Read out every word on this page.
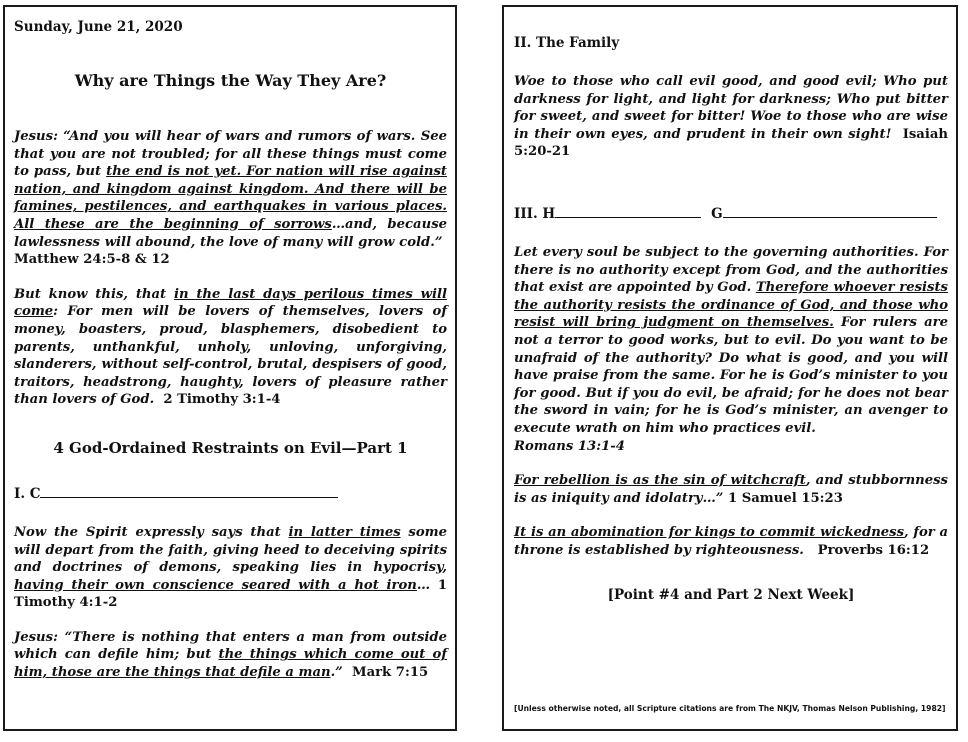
Sunday, June 21, 2020
Why are Things the Way They Are?
Jesus: “And you will hear of wars and rumors of wars. See that you are not troubled; for all these things must come to pass, but the end is not yet. For nation will rise against nation, and kingdom against kingdom. And there will be famines, pestilences, and earthquakes in various places. All these are the beginning of sorrows…and, because lawlessness will abound, the love of many will grow cold.”  Matthew 24:5-8 & 12
But know this, that in the last days perilous times will come: For men will be lovers of themselves, lovers of money, boasters, proud, blasphemers, disobedient to parents, unthankful, unholy, unloving, unforgiving, slanderers, without self-control, brutal, despisers of good, traitors, headstrong, haughty, lovers of pleasure rather than lovers of God. 2 Timothy 3:1-4
4 God-Ordained Restraints on Evil—Part 1
I. C
Now the Spirit expressly says that in latter times some will depart from the faith, giving heed to deceiving spirits and doctrines of demons, speaking lies in hypocrisy, having their own conscience seared with a hot iron… 1 Timothy 4:1-2
Jesus: “There is nothing that enters a man from outside which can defile him; but the things which come out of him, those are the things that defile a man.” Mark 7:15
II. The Family
Woe to those who call evil good, and good evil; Who put darkness for light, and light for darkness; Who put bitter for sweet, and sweet for bitter! Woe to those who are wise in their own eyes, and prudent in their own sight! Isaiah 5:20-21
III. H	G
Let every soul be subject to the governing authorities. For there is no authority except from God, and the authorities that exist are appointed by God. Therefore whoever resists the authority resists the ordinance of God, and those who resist will bring judgment on themselves. For rulers are not a terror to good works, but to evil. Do you want to be unafraid of the authority? Do what is good, and you will have praise from the same. For he is God’s minister to you for good. But if you do evil, be afraid; for he does not bear the sword in vain; for he is God’s minister, an avenger to execute wrath on him who practices evil.
Romans 13:1-4
For rebellion is as the sin of witchcraft, and stubbornness is as iniquity and idolatry…” 1 Samuel 15:23
It is an abomination for kings to commit wickedness, for a throne is established by righteousness. Proverbs 16:12
[Point #4 and Part 2 Next Week]
[Unless otherwise noted, all Scripture citations are from The NKJV, Thomas Nelson Publishing, 1982]
